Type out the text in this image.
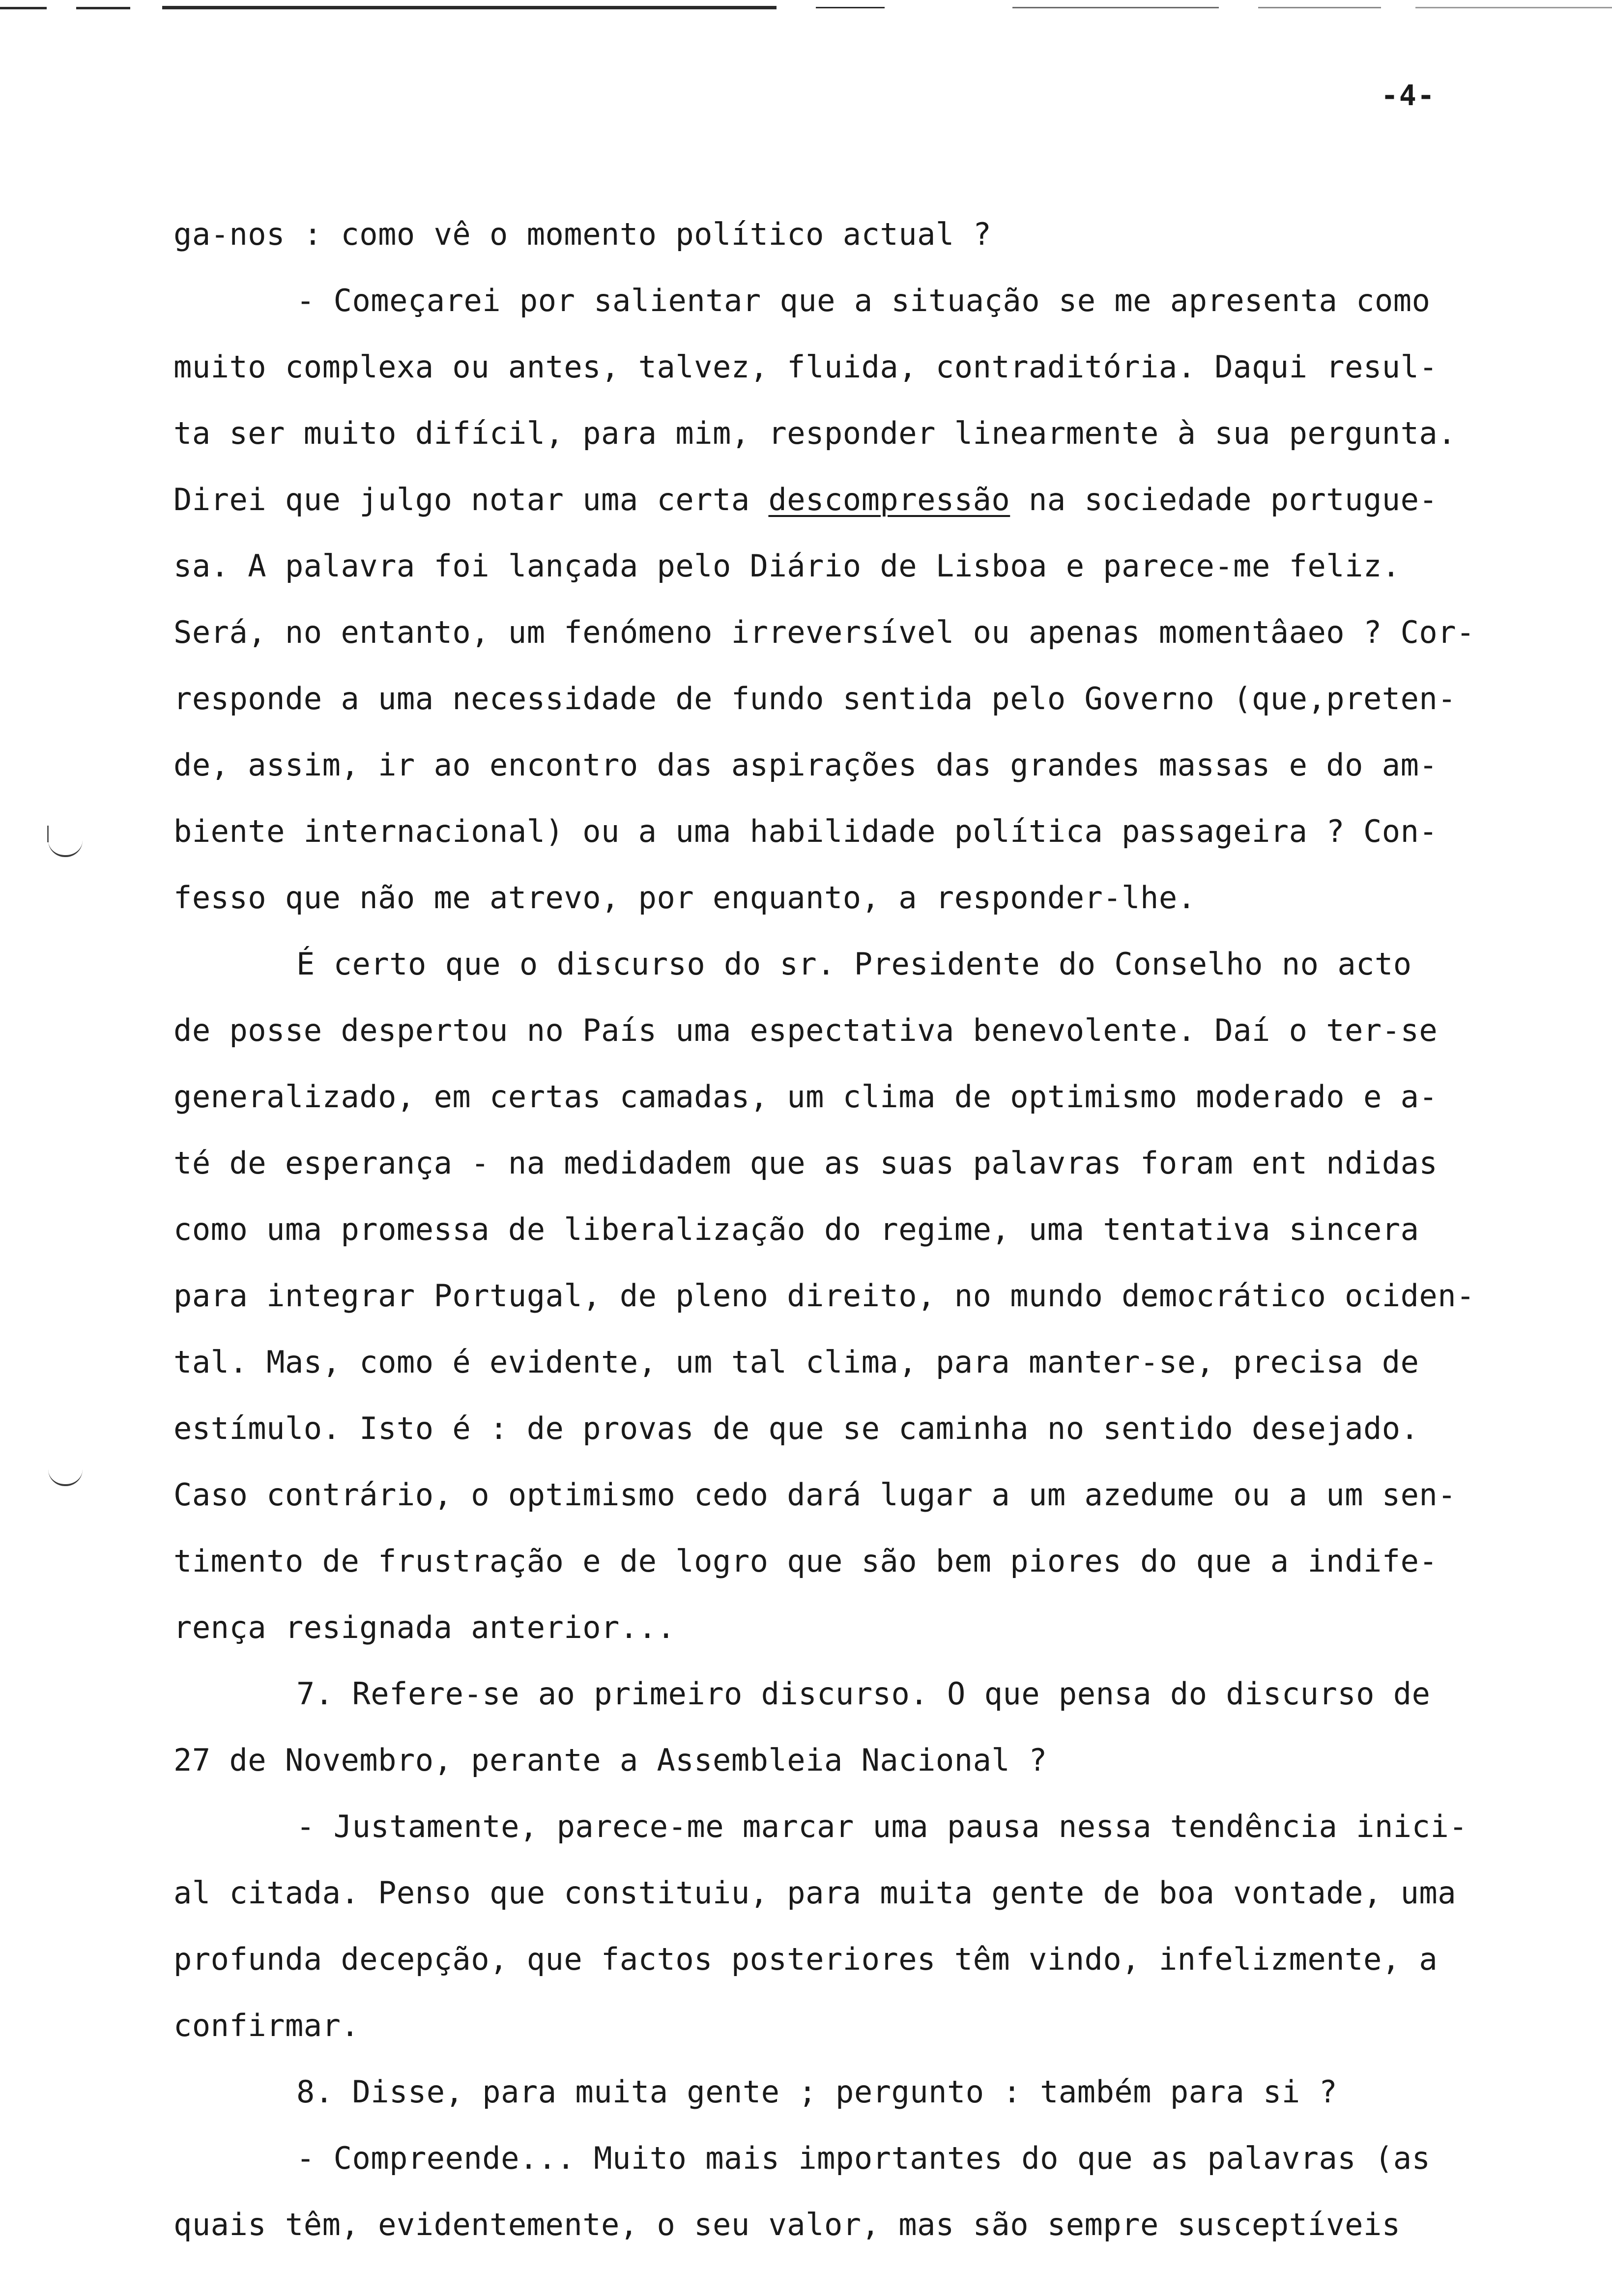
-4-
ga-nos : como vê o momento político actual ?
- Começarei por salientar que a situação se me apresenta como
muito complexa ou antes, talvez, fluida, contraditória. Daqui resul-
ta ser muito difícil, para mim, responder linearmente à sua pergunta.
Direi que julgo notar uma certa descompressão na sociedade portugue-
sa. A palavra foi lançada pelo Diário de Lisboa e parece-me feliz.
Será, no entanto, um fenómeno irreversível ou apenas momentâaeo ? Cor-
responde a uma necessidade de fundo sentida pelo Governo (que,preten-
de, assim, ir ao encontro das aspirações das grandes massas e do am-
biente internacional) ou a uma habilidade política passageira ? Con-
fesso que não me atrevo, por enquanto, a responder-lhe.
É certo que o discurso do sr. Presidente do Conselho no acto
de posse despertou no País uma espectativa benevolente. Daí o ter-se
generalizado, em certas camadas, um clima de optimismo moderado e a-
té de esperança - na medidadem que as suas palavras foram ent ndidas
como uma promessa de liberalização do regime, uma tentativa sincera
para integrar Portugal, de pleno direito, no mundo democrático ociden-
tal. Mas, como é evidente, um tal clima, para manter-se, precisa de
estímulo. Isto é : de provas de que se caminha no sentido desejado.
Caso contrário, o optimismo cedo dará lugar a um azedume ou a um sen-
timento de frustração e de logro que são bem piores do que a indife-
rença resignada anterior...
7. Refere-se ao primeiro discurso. O que pensa do discurso de
27 de Novembro, perante a Assembleia Nacional ?
- Justamente, parece-me marcar uma pausa nessa tendência inici-
al citada. Penso que constituiu, para muita gente de boa vontade, uma
profunda decepção, que factos posteriores têm vindo, infelizmente, a
confirmar.
8. Disse, para muita gente ; pergunto : também para si ?
- Compreende... Muito mais importantes do que as palavras (as
quais têm, evidentemente, o seu valor, mas são sempre susceptíveis
